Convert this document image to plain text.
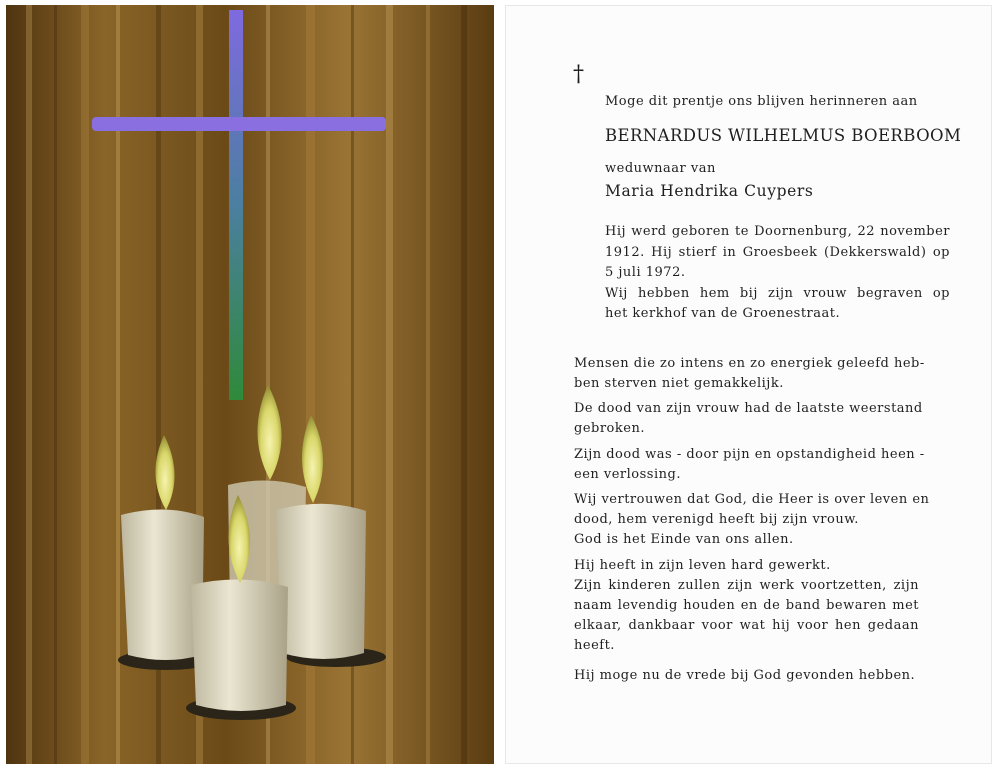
†

Moge dit prentje ons blijven herinneren aan

BERNARDUS WILHELMUS BOERBOOM

weduwnaar van

Maria Hendrika Cuypers

Hij werd geboren te Doornenburg, 22 november

1912. Hij stierf in Groesbeek (Dekkerswald) op

5 juli 1972.

Wij hebben hem bij zijn vrouw begraven op

het kerkhof van de Groenestraat.

Mensen die zo intens en zo energiek geleefd heb-

ben sterven niet gemakkelijk.

De dood van zijn vrouw had de laatste weerstand

gebroken.

Zijn dood was - door pijn en opstandigheid heen -

een verlossing.

Wij vertrouwen dat God, die Heer is over leven en

dood, hem verenigd heeft bij zijn vrouw.

God is het Einde van ons allen.

Hij heeft in zijn leven hard gewerkt.

Zijn kinderen zullen zijn werk voortzetten, zijn

naam levendig houden en de band bewaren met

elkaar, dankbaar voor wat hij voor hen gedaan

heeft.

Hij moge nu de vrede bij God gevonden hebben.
